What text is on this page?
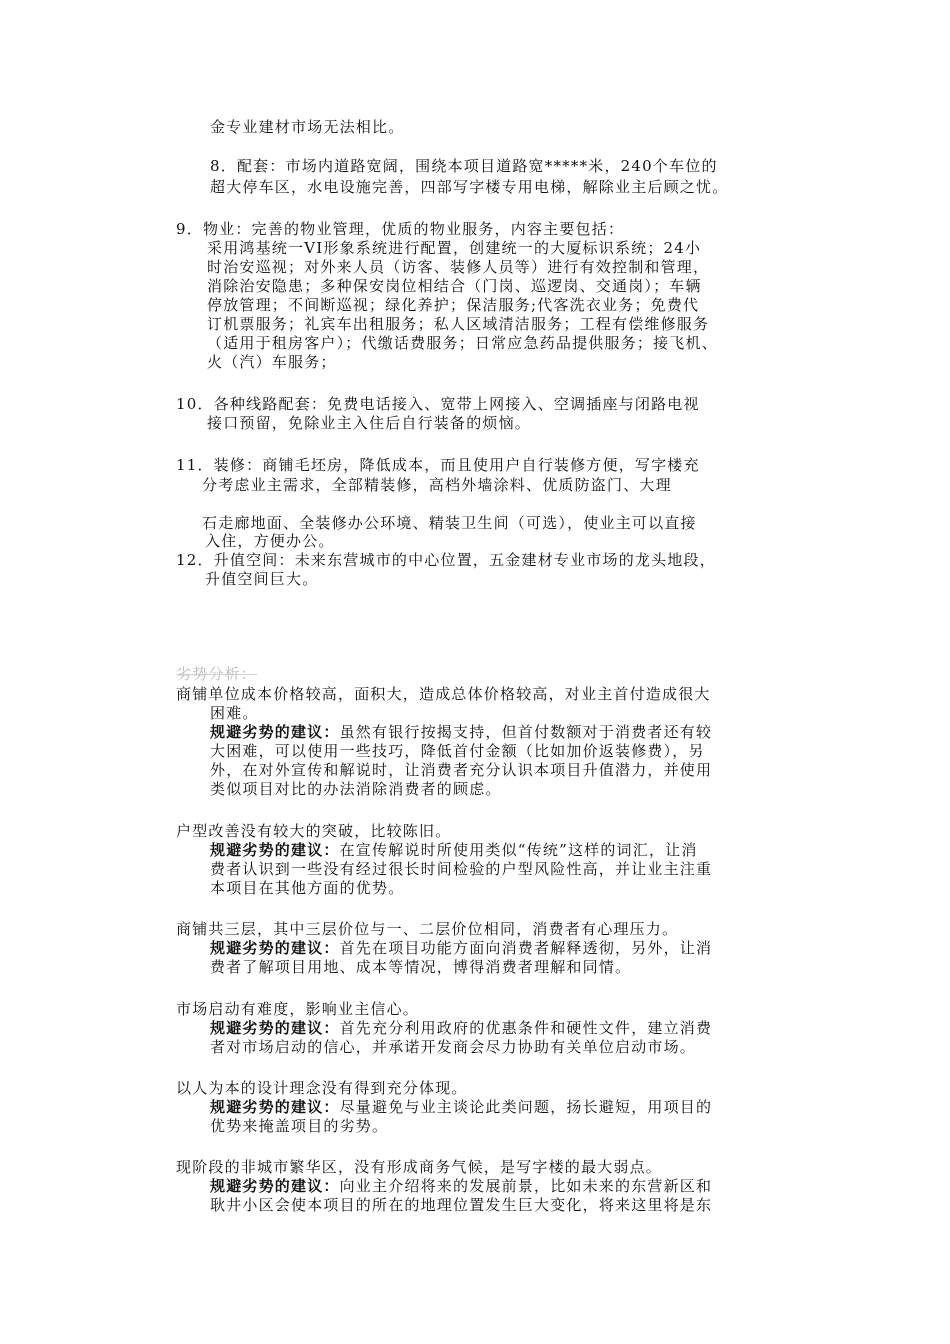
金专业建材市场无法相比。
8．配套：市场内道路宽阔，围绕本项目道路宽*****米，240个车位的
超大停车区，水电设施完善，四部写字楼专用电梯，解除业主后顾之忧。
9．物业：完善的物业管理，优质的物业服务，内容主要包括：
采用鸿基统一VI形象系统进行配置，创建统一的大厦标识系统；24小
时治安巡视；对外来人员（访客、装修人员等）进行有效控制和管理，
消除治安隐患；多种保安岗位相结合（门岗、巡逻岗、交通岗）；车辆
停放管理；不间断巡视；绿化养护；保洁服务;代客洗衣业务；免费代
订机票服务；礼宾车出租服务；私人区域清洁服务；工程有偿维修服务
（适用于租房客户）；代缴话费服务；日常应急药品提供服务；接飞机、
火（汽）车服务；
10．各种线路配套：免费电话接入、宽带上网接入、空调插座与闭路电视
接口预留，免除业主入住后自行装备的烦恼。
11．装修：商铺毛坯房，降低成本，而且使用户自行装修方便，写字楼充
分考虑业主需求，全部精装修，高档外墙涂料、优质防盗门、大理
石走廊地面、全装修办公环境、精装卫生间（可选），使业主可以直接
入住，方便办公。
12．升值空间：未来东营城市的中心位置，五金建材专业市场的龙头地段，
升值空间巨大。
劣势分析：
商铺单位成本价格较高，面积大，造成总体价格较高，对业主首付造成很大
困难。
规避劣势的建议：虽然有银行按揭支持，但首付数额对于消费者还有较
大困难，可以使用一些技巧，降低首付金额（比如加价返装修费），另
外，在对外宣传和解说时，让消费者充分认识本项目升值潜力，并使用
类似项目对比的办法消除消费者的顾虑。
户型改善没有较大的突破，比较陈旧。
规避劣势的建议：在宣传解说时所使用类似“传统”这样的词汇，让消
费者认识到一些没有经过很长时间检验的户型风险性高，并让业主注重
本项目在其他方面的优势。
商铺共三层，其中三层价位与一、二层价位相同，消费者有心理压力。
规避劣势的建议：首先在项目功能方面向消费者解释透彻，另外，让消
费者了解项目用地、成本等情况，博得消费者理解和同情。
市场启动有难度，影响业主信心。
规避劣势的建议：首先充分利用政府的优惠条件和硬性文件，建立消费
者对市场启动的信心，并承诺开发商会尽力协助有关单位启动市场。
以人为本的设计理念没有得到充分体现。
规避劣势的建议：尽量避免与业主谈论此类问题，扬长避短，用项目的
优势来掩盖项目的劣势。
现阶段的非城市繁华区，没有形成商务气候，是写字楼的最大弱点。
规避劣势的建议：向业主介绍将来的发展前景，比如未来的东营新区和
耿井小区会使本项目的所在的地理位置发生巨大变化，将来这里将是东
